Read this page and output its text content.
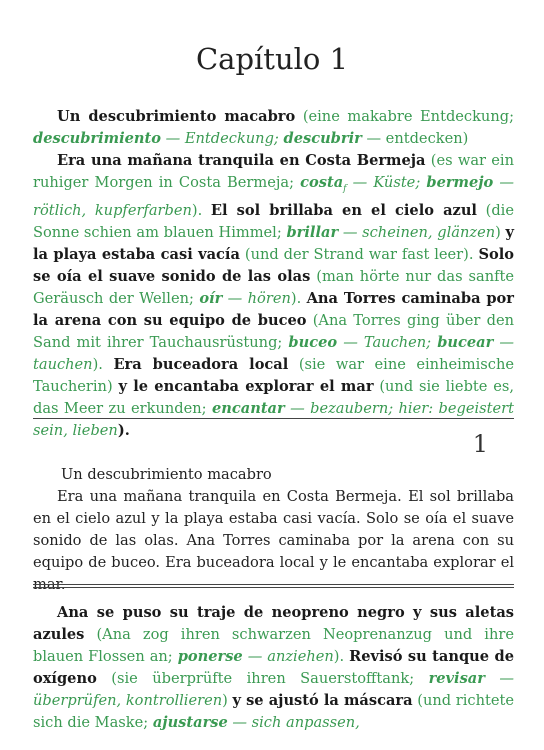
Capítulo 1

Un descubrimiento macabro (eine makabre Entdeckung; descubrimiento — Entdeckung; descubrir — entdecken)

Era una mañana tranquila en Costa Bermeja (es war ein ruhiger Morgen in Costa Bermeja; costa$_f$ — Küste; bermejo — rötlich, kupferfarben). El sol brillaba en el cielo azul (die Sonne schien am blauen Himmel; brillar — scheinen, glänzen) y la playa estaba casi vacía (und der Strand war fast leer). Solo se oía el suave sonido de las olas (man hörte nur das sanfte Geräusch der Wellen; oír — hören). Ana Torres caminaba por la arena con su equipo de buceo (Ana Torres ging über den Sand mit ihrer Tauchausrüstung; buceo — Tauchen; bucear — tauchen). Era buceadora local (sie war eine einheimische Taucherin) y le encantaba explorar el mar (und sie liebte es, das Meer zu erkunden; encantar — bezaubern; hier: begeistert sein, lieben).	1

Un descubrimiento macabro

Era una mañana tranquila en Costa Bermeja. El sol brillaba en el cielo azul y la playa estaba casi vacía. Solo se oía el suave sonido de las olas. Ana Torres caminaba por la arena con su equipo de buceo. Era buceadora local y le encantaba explorar el mar.

Ana se puso su traje de neopreno negro y sus aletas azules (Ana zog ihren schwarzen Neoprenanzug und ihre blauen Flossen an; ponerse — anziehen). Revisó su tanque de oxígeno (sie überprüfte ihren Sauerstofftank; revisar — überprüfen, kontrollieren) y se ajustó la máscara (und richtete sich die Maske; ajustarse — sich anpassen,
